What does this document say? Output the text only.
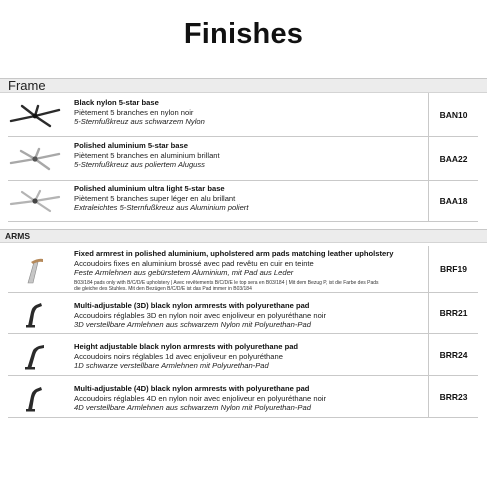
Finishes
Frame
Black nylon 5-star base
Piètement 5 branches en nylon noir
5-Sternfußkreuz aus schwarzem Nylon
BAN10
Polished aluminium 5-star base
Piètement 5 branches en aluminium brillant
5-Sternfußkreuz aus poliertem Aluguss
BAA22
Polished aluminium ultra light 5-star base
Piètement 5 branches super léger en alu brillant
Extraleichtes 5-Sternfußkreuz aus Aluminium poliert
BAA18
ARMS
Fixed armrest in polished aluminium, upholstered arm pads matching leather upholstery
Accoudoirs fixes en aluminium brossé avec pad revêtu en cuir en teinte
Feste Armlehnen aus gebürstetem Aluminium, mit Pad aus Leder
B03/184 pads only with B/C/D/E upholstery | Avec revêtements B/C/D/E le top sera en B03/184 | Mit dem Bezug P, ist die Farbe des Pads
die gleiche des Stuhles. Mit den Bezügen B/C/D/E ist das Pad immer in B03/184
BRF19
Multi-adjustable (3D) black nylon armrests with polyurethane pad
Accoudoirs réglables 3D en nylon noir avec enjoliveur en polyuréthane noir
3D verstellbare Armlehnen aus schwarzem Nylon mit Polyurethan-Pad
BRR21
Height adjustable black nylon armrests with polyurethane pad
Accoudoirs noirs réglables 1d avec enjoliveur en polyuréthane
1D schwarze verstellbare Armlehnen mit Polyurethan-Pad
BRR24
Multi-adjustable (4D) black nylon armrests with polyurethane pad
Accoudoirs réglables 4D en nylon noir avec enjoliveur en polyuréthane noir
4D verstellbare Armlehnen aus schwarzem Nylon mit Polyurethan-Pad
BRR23
